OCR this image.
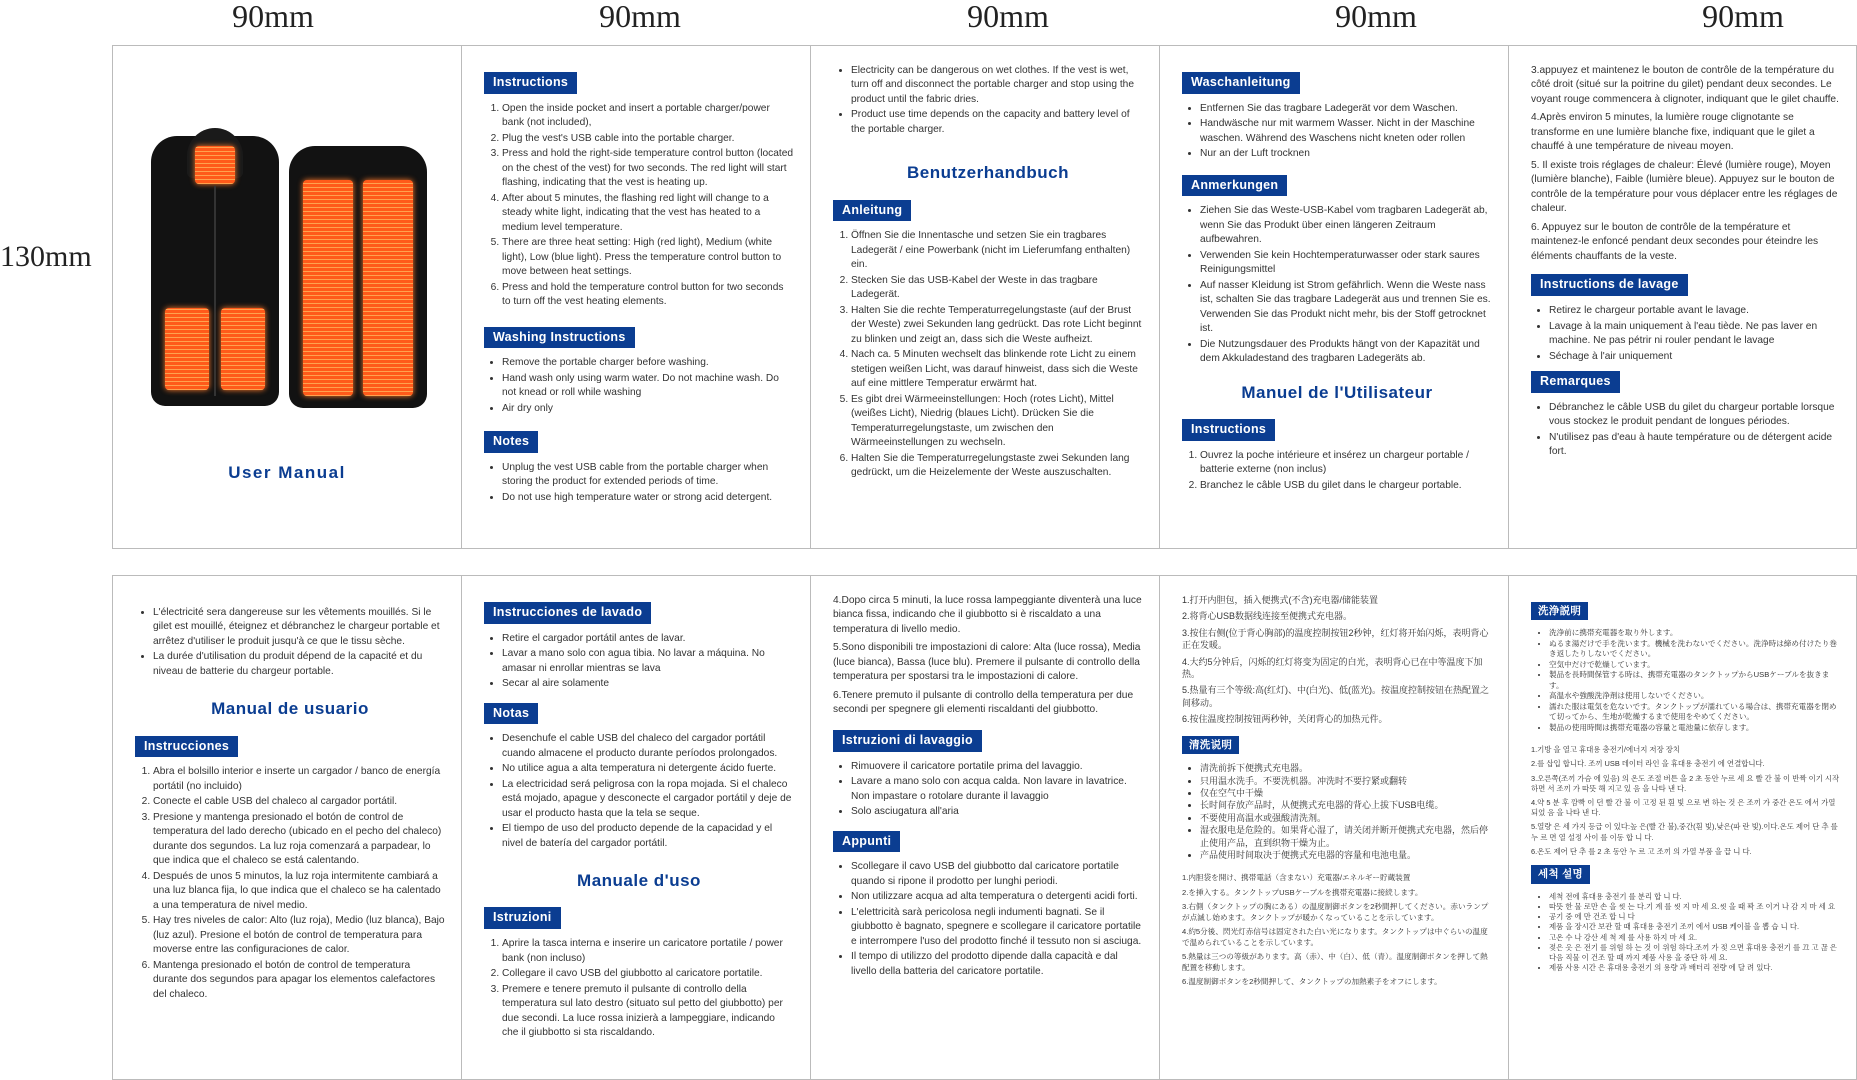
90mm	90mm	90mm	90mm	90mm
130mm
User Manual
Instructions
1. Open the inside pocket and insert a portable charger/power bank (not included),
2. Plug the vest's USB cable into the portable charger.
3. Press and hold the right-side temperature control button (located on the chest of the vest) for two seconds. The red light will start flashing, indicating that the vest is heating up.
4. After about 5 minutes, the flashing red light will change to a steady white light, indicating that the vest has heated to a medium level temperature.
5. There are three heat setting: High (red light), Medium (white light), Low (blue light). Press the temperature control button to move between heat settings.
6. Press and hold the temperature control button for two seconds to turn off the vest heating elements.
Washing Instructions
• Remove the portable charger before washing.
• Hand wash only using warm water. Do not machine wash. Do not knead or roll while washing
• Air dry only
Notes
• Unplug the vest USB cable from the portable charger when storing the product for extended periods of time.
• Do not use high temperature water or strong acid detergent.
• Electricity can be dangerous on wet clothes. If the vest is wet, turn off and disconnect the portable charger and stop using the product until the fabric dries.
• Product use time depends on the capacity and battery level of the portable charger.
Benutzerhandbuch
Anleitung
1. Öffnen Sie die Innentasche und setzen Sie ein tragbares Ladegerät / eine Powerbank (nicht im Lieferumfang enthalten) ein.
2. Stecken Sie das USB-Kabel der Weste in das tragbare Ladegerät.
3. Halten Sie die rechte Temperaturregelungstaste (auf der Brust der Weste) zwei Sekunden lang gedrückt. Das rote Licht beginnt zu blinken und zeigt an, dass sich die Weste aufheizt.
4. Nach ca. 5 Minuten wechselt das blinkende rote Licht zu einem stetigen weißen Licht, was darauf hinweist, dass sich die Weste auf eine mittlere Temperatur erwärmt hat.
5. Es gibt drei Wärmeeinstellungen: Hoch (rotes Licht), Mittel (weißes Licht), Niedrig (blaues Licht). Drücken Sie die Temperaturregelungstaste, um zwischen den Wärmeeinstellungen zu wechseln.
6. Halten Sie die Temperaturregelungstaste zwei Sekunden lang gedrückt, um die Heizelemente der Weste auszuschalten.
Waschanleitung
• Entfernen Sie das tragbare Ladegerät vor dem Waschen.
• Handwäsche nur mit warmem Wasser. Nicht in der Maschine waschen. Während des Waschens nicht kneten oder rollen
• Nur an der Luft trocknen
Anmerkungen
• Ziehen Sie das Weste-USB-Kabel vom tragbaren Ladegerät ab, wenn Sie das Produkt über einen längeren Zeitraum aufbewahren.
• Verwenden Sie kein Hochtemperaturwasser oder stark saures Reinigungsmittel
• Auf nasser Kleidung ist Strom gefährlich. Wenn die Weste nass ist, schalten Sie das tragbare Ladegerät aus und trennen Sie es. Verwenden Sie das Produkt nicht mehr, bis der Stoff getrocknet ist.
• Die Nutzungsdauer des Produkts hängt von der Kapazität und dem Akkuladestand des tragbaren Ladegeräts ab.
Manuel de l'Utilisateur
Instructions
1. Ouvrez la poche intérieure et insérez un chargeur portable / batterie externe (non inclus)
2. Branchez le câble USB du gilet dans le chargeur portable.

3.appuyez et maintenez le bouton de contrôle de la température du côté droit (situé sur la poitrine du gilet) pendant deux secondes. Le voyant rouge commencera à clignoter, indiquant que le gilet chauffe.

4.Après environ 5 minutes, la lumière rouge clignotante se transforme en une lumière blanche fixe, indiquant que le gilet a chauffé à une température de niveau moyen.

5. Il existe trois réglages de chaleur: Élevé (lumière rouge), Moyen (lumière blanche), Faible (lumière bleue). Appuyez sur le bouton de contrôle de la température pour vous déplacer entre les réglages de chaleur.

6. Appuyez sur le bouton de contrôle de la température et maintenez-le enfoncé pendant deux secondes pour éteindre les éléments chauffants de la veste.

Instructions de lavage
• Retirez le chargeur portable avant le lavage.
• Lavage à la main uniquement à l'eau tiède. Ne pas laver en machine. Ne pas pétrir ni rouler pendant le lavage
• Séchage à l'air uniquement
Remarques
• Débranchez le câble USB du gilet du chargeur portable lorsque vous stockez le produit pendant de longues périodes.
• N'utilisez pas d'eau à haute température ou de détergent acide fort.
• L'électricité sera dangereuse sur les vêtements mouillés. Si le gilet est mouillé, éteignez et débranchez le chargeur portable et arrêtez d'utiliser le produit jusqu'à ce que le tissu sèche.
• La durée d'utilisation du produit dépend de la capacité et du niveau de batterie du chargeur portable.
Manual de usuario
Instrucciones
1. Abra el bolsillo interior e inserte un cargador / banco de energía portátil (no incluido)
2. Conecte el cable USB del chaleco al cargador portátil.
3. Presione y mantenga presionado el botón de control de temperatura del lado derecho (ubicado en el pecho del chaleco) durante dos segundos. La luz roja comenzará a parpadear, lo que indica que el chaleco se está calentando.
4. Después de unos 5 minutos, la luz roja intermitente cambiará a una luz blanca fija, lo que indica que el chaleco se ha calentado a una temperatura de nivel medio.
5. Hay tres niveles de calor: Alto (luz roja), Medio (luz blanca), Bajo (luz azul). Presione el botón de control de temperatura para moverse entre las configuraciones de calor.
6. Mantenga presionado el botón de control de temperatura durante dos segundos para apagar los elementos calefactores del chaleco.
Instrucciones de lavado
• Retire el cargador portátil antes de lavar.
• Lavar a mano solo con agua tibia. No lavar a máquina. No amasar ni enrollar mientras se lava
• Secar al aire solamente
Notas
• Desenchufe el cable USB del chaleco del cargador portátil cuando almacene el producto durante períodos prolongados.
• No utilice agua a alta temperatura ni detergente ácido fuerte.
• La electricidad será peligrosa con la ropa mojada. Si el chaleco está mojado, apague y desconecte el cargador portátil y deje de usar el producto hasta que la tela se seque.
• El tiempo de uso del producto depende de la capacidad y el nivel de batería del cargador portátil.
Manuale d'uso
Istruzioni
1. Aprire la tasca interna e inserire un caricatore portatile / power bank (non incluso)
2. Collegare il cavo USB del giubbotto al caricatore portatile.
3. Premere e tenere premuto il pulsante di controllo della temperatura sul lato destro (situato sul petto del giubbotto) per due secondi. La luce rossa inizierà a lampeggiare, indicando che il giubbotto si sta riscaldando.

4.Dopo circa 5 minuti, la luce rossa lampeggiante diventerà una luce bianca fissa, indicando che il giubbotto si è riscaldato a una temperatura di livello medio.

5.Sono disponibili tre impostazioni di calore: Alta (luce rossa), Media (luce bianca), Bassa (luce blu). Premere il pulsante di controllo della temperatura per spostarsi tra le impostazioni di calore.

6.Tenere premuto il pulsante di controllo della temperatura per due secondi per spegnere gli elementi riscaldanti del giubbotto.

Istruzioni di lavaggio
• Rimuovere il caricatore portatile prima del lavaggio.
• Lavare a mano solo con acqua calda. Non lavare in lavatrice. Non impastare o rotolare durante il lavaggio
• Solo asciugatura all'aria
Appunti
• Scollegare il cavo USB del giubbotto dal caricatore portatile quando si ripone il prodotto per lunghi periodi.
• Non utilizzare acqua ad alta temperatura o detergenti acidi forti.
• L'elettricità sarà pericolosa negli indumenti bagnati. Se il giubbotto è bagnato, spegnere e scollegare il caricatore portatile e interrompere l'uso del prodotto finché il tessuto non si asciuga.
• Il tempo di utilizzo del prodotto dipende dalla capacità e dal livello della batteria del caricatore portatile.

1.打开内胆包，插入便携式(不含)充电器/储能装置

2.将背心USB数据线连接至便携式充电器。

3.按住右侧(位于背心胸部)的温度控制按钮2秒钟，红灯将开始闪烁，表明背心正在发暖。

4.大约5分钟后，闪烁的红灯将变为固定的白光，表明背心已在中等温度下加热。

5.热量有三个等级:高(红灯)、中(白光)、低(蓝光)。按温度控制按钮在热配置之间移动。

6.按住温度控制按钮两秒钟，关闭背心的加热元件。

清洗说明
• 清洗前拆下便携式充电器。
• 只用温水洗手。不要洗机器。冲洗时不要拧紧或翻转
• 仅在空气中干燥
• 长时间存放产品时，从便携式充电器的背心上拔下USB电缆。
• 不要使用高温水或强酸清洗剂。
• 湿衣服电是危险的。如果背心湿了，请关闭并断开便携式充电器，然后停止使用产品，直到织物干燥为止。
• 产品使用时间取决于便携式充电器的容量和电池电量。

1.内胆袋を開け、携帯電話（含まない）充電器/エネルギー貯蔵装置

2.を挿入する。タンクトップUSBケーブルを携帯充電器に接続します。

3.右側（タンクトップの胸にある）の温度制御ボタンを2秒間押してください。赤いランプが点滅し始めます。タンクトップが暖かくなっていることを示しています。

4.約5分後、閃光灯赤信号は固定された白い光になります。タンクトップは中ぐらいの温度で温められていることを示しています。

5.熱量は三つの等級があります。高（赤）、中（白）、低（青）。温度制御ボタンを押して熱配置を移動します。

6.温度制御ボタンを2秒間押して、タンクトップの加熱素子をオフにします。

洗浄説明
• 洗浄前に携帯充電器を取り外します。
• ぬるま湯だけで手を洗います。機械を洗わないでください。洗浄時は締め付けたり巻き返したりしないでください。
• 空気中だけで乾燥しています。
• 製品を長時間保管する時は、携帯充電器のタンクトップからUSBケーブルを抜きます。
• 高温水や強酸洗浄剤は使用しないでください。
• 濡れた服は電気を危ないです。タンクトップが濡れている場合は、携帯充電器を閉めて切ってから、生地が乾燥するまで使用をやめてください。
• 製品の使用時間は携帯充電器の容量と電池量に依存します。

1.기방 을 열고 휴대용 충전기/에너지 저장 장치

2.를 삽입 합니다. 조끼 USB 데이터 라인 을 휴대용 충전기 에 연결합니다.

3.오른쪽(조끼 가슴 에 있음) 의 온도 조절 버튼 을 2 초 동안 누르 세 요 빨 간 불 이 반짝 이기 시작 하면 서 조끼 가 따뜻 해 지고 있 음 을 나타 낸 다.

4.약 5 분 후 깜빡 이 던 빨 간 불 이 고정 된 흰 빛 으로 변 하는 것 은 조끼 가 중간 온도 에서 가열 되었 음 을 나타 낸 다.

5.열량 은 세 가지 등급 이 있다:높 은(빨 간 불),중간(흰 빛),낮은(파 란 빛).이다.온도 제어 단 추 를 누 르 면 열 설정 사이 를 이동 합 니 다.

6.온도 제어 단 추 를 2 초 동안 누 르 고 조끼 의 가열 부품 을 끕 니 다.

세척 설명
• 세척 전에 휴대용 충전기 를 분리 합 니 다.
• 따뜻 한 물 로만 손 을 씻 는 다.기 계 를 씻 지 마 세 요.씻 을 때 꽉 조 이거 나 감 지 마 세 요
• 공기 중 에 만 건조 합 니 다
• 제품 을 장시간 보관 할 때 휴대용 충전기 조끼 에서 USB 케이블 을 뽑 습 니 다.
• 고온 수 나 강산 세 척 제 를 사용 하지 마 세 요.
• 젖은 옷 은 전기 를 위험 하 는 것 이 위험 하다.조끼 가 젖 으면 휴대용 충전기 를 끄 고 끊 은 다음 직물 이 건조 할 때 까지 제품 사용 을 중단 하 세 요.
• 제품 사용 시간 은 휴대용 충전기 의 용량 과 배터리 전량 에 달 려 있다.
